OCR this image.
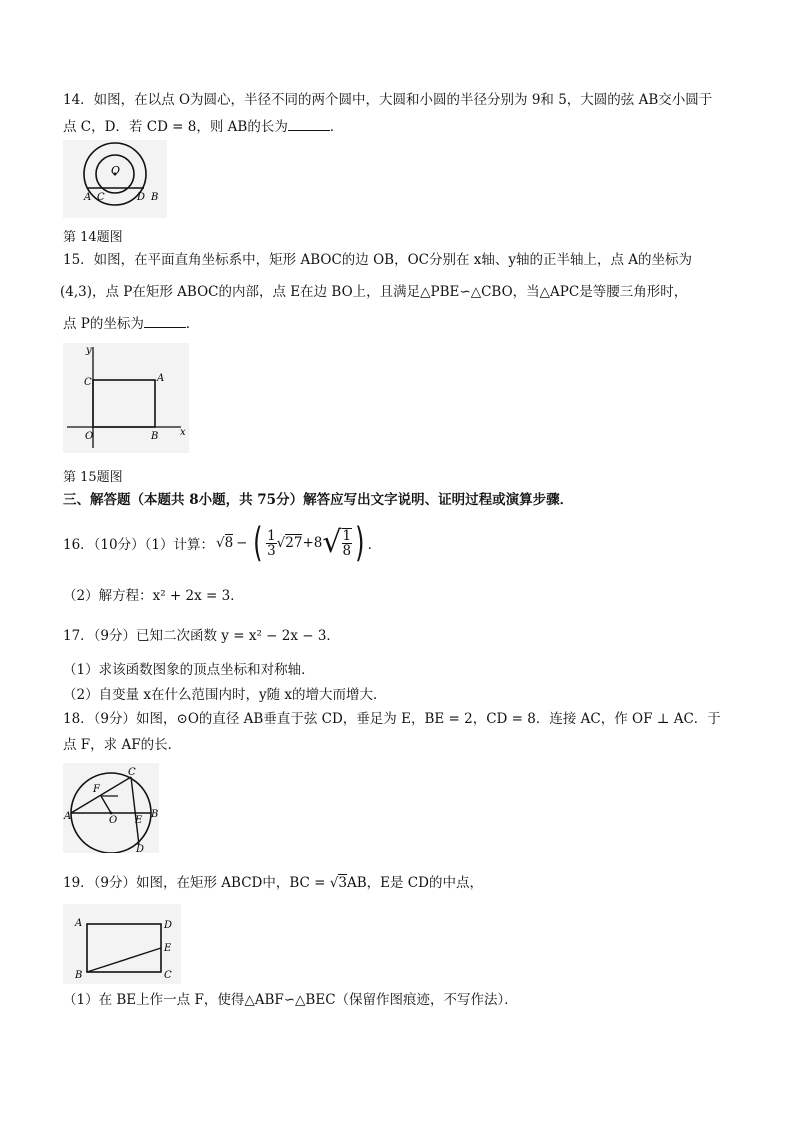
14．如图，在以点 O为圆心，半径不同的两个圆中，大圆和小圆的半径分别为 9和 5，大圆的弦 AB交小圆于
点 C，D．若 CD = 8，则 AB的长为	．
O
A C	D B
第 14题图
15．如图，在平面直角坐标系中，矩形 ABOC的边 OB，OC分别在 x轴、y轴的正半轴上，点 A的坐标为
(4,3)，点 P在矩形 ABOC的内部，点 E在边 BO上，且满足△PBE∽△CBO，当△APC是等腰三角形时，
点 P的坐标为	．
y
x
C	A
O	B
第 15题图
三、解答题（本题共 8小题，共 75分）解答应写出文字说明、证明过程或演算步骤．
16．（10分）（1）计算： √8 − ( $\frac{1}{3} √27 +8$ √ $\frac{1}{8}$ ) ．
（2）解方程：x² + 2x = 3．
17．（9分）已知二次函数 y = x² − 2x − 3．
（1）求该函数图象的顶点坐标和对称轴．
（2）自变量 x在什么范围内时，y随 x的增大而增大．
18．（9分）如图，⊙O的直径 AB垂直于弦 CD，垂足为 E，BE = 2，CD = 8．连接 AC，作 OF ⊥ AC．于
点 F，求 AF的长．
F
C
A	O E
B
D
19．（9分）如图，在矩形 ABCD中，BC = √3AB，E是 CD的中点，
A	D
E
B	C
（1）在 BE上作一点 F，使得△ABF∽△BEC（保留作图痕迹，不写作法）．
